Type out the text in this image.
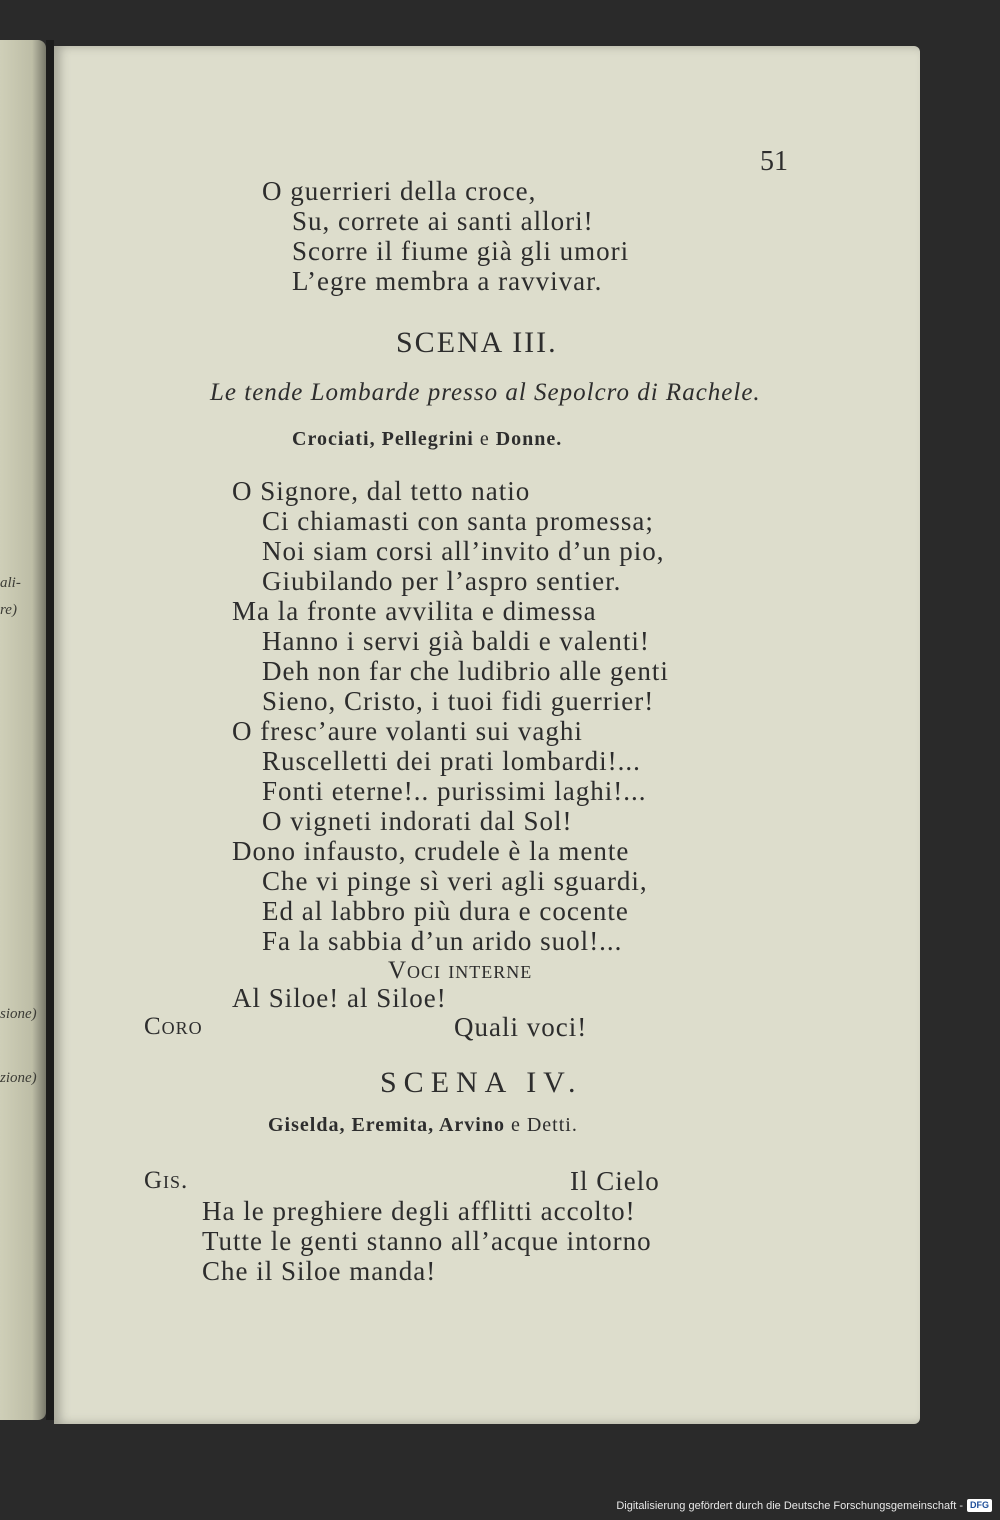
ali-
re)
sione)
zione)
51
O guerrieri della croce,
Su, correte ai santi allori!
Scorre il fiume già gli umori
L’egre membra a ravvivar.
SCENA III.
Le tende Lombarde presso al Sepolcro di Rachele.
Crociati, Pellegrini e Donne.
O Signore, dal tetto natio
Ci chiamasti con santa promessa;
Noi siam corsi all’invito d’un pio,
Giubilando per l’aspro sentier.
Ma la fronte avvilita e dimessa
Hanno i servi già baldi e valenti!
Deh non far che ludibrio alle genti
Sieno, Cristo, i tuoi fidi guerrier!
O fresc’aure volanti sui vaghi
Ruscelletti dei prati lombardi!...
Fonti eterne!.. purissimi laghi!...
O vigneti indorati dal Sol!
Dono infausto, crudele è la mente
Che vi pinge sì veri agli sguardi,
Ed al labbro più dura e cocente
Fa la sabbia d’un arido suol!...
Voci interne
Al Siloe! al Siloe!
Coro	Quali voci!
SCENA IV.
Giselda, Eremita, Arvino e Detti.
Gis.	Il Cielo
Ha le preghiere degli afflitti accolto!
Tutte le genti stanno all’acque intorno
Che il Siloe manda!
Digitalisierung gefördert durch die Deutsche Forschungsgemeinschaft - DFG
